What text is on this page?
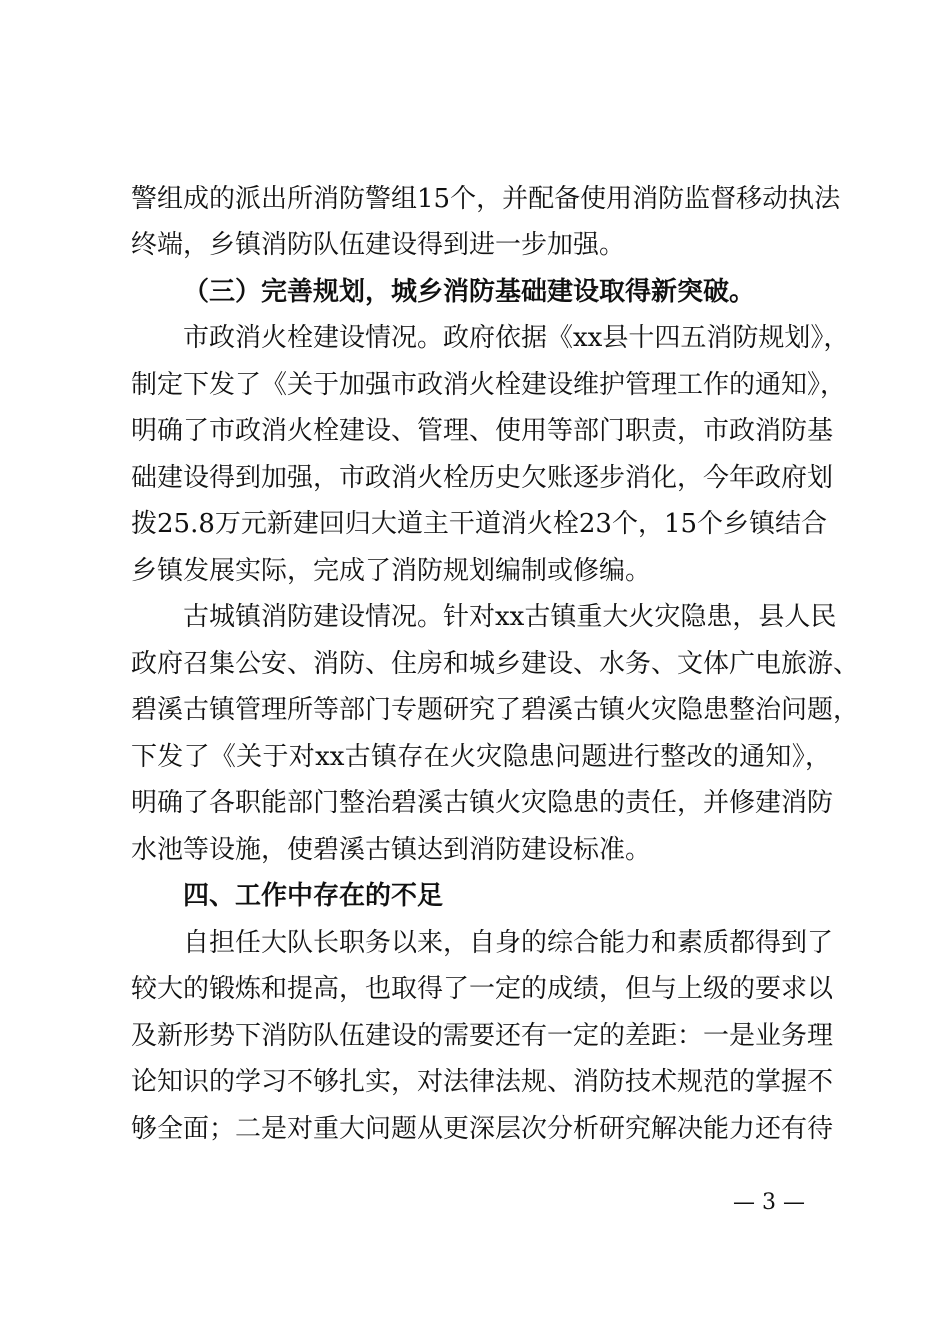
警组成的派出所消防警组15个，并配备使用消防监督移动执法
终端，乡镇消防队伍建设得到进一步加强。
（三）完善规划，城乡消防基础建设取得新突破。
市政消火栓建设情况。政府依据《xx县十四五消防规划》，
制定下发了《关于加强市政消火栓建设维护管理工作的通知》，
明确了市政消火栓建设、管理、使用等部门职责，市政消防基
础建设得到加强，市政消火栓历史欠账逐步消化，今年政府划
拨25.8万元新建回归大道主干道消火栓23个，15个乡镇结合
乡镇发展实际，完成了消防规划编制或修编。
古城镇消防建设情况。针对xx古镇重大火灾隐患，县人民
政府召集公安、消防、住房和城乡建设、水务、文体广电旅游、
碧溪古镇管理所等部门专题研究了碧溪古镇火灾隐患整治问题，
下发了《关于对xx古镇存在火灾隐患问题进行整改的通知》，
明确了各职能部门整治碧溪古镇火灾隐患的责任，并修建消防
水池等设施，使碧溪古镇达到消防建设标准。
四、工作中存在的不足
自担任大队长职务以来，自身的综合能力和素质都得到了
较大的锻炼和提高，也取得了一定的成绩，但与上级的要求以
及新形势下消防队伍建设的需要还有一定的差距：一是业务理
论知识的学习不够扎实，对法律法规、消防技术规范的掌握不
够全面；二是对重大问题从更深层次分析研究解决能力还有待
— 3 —
